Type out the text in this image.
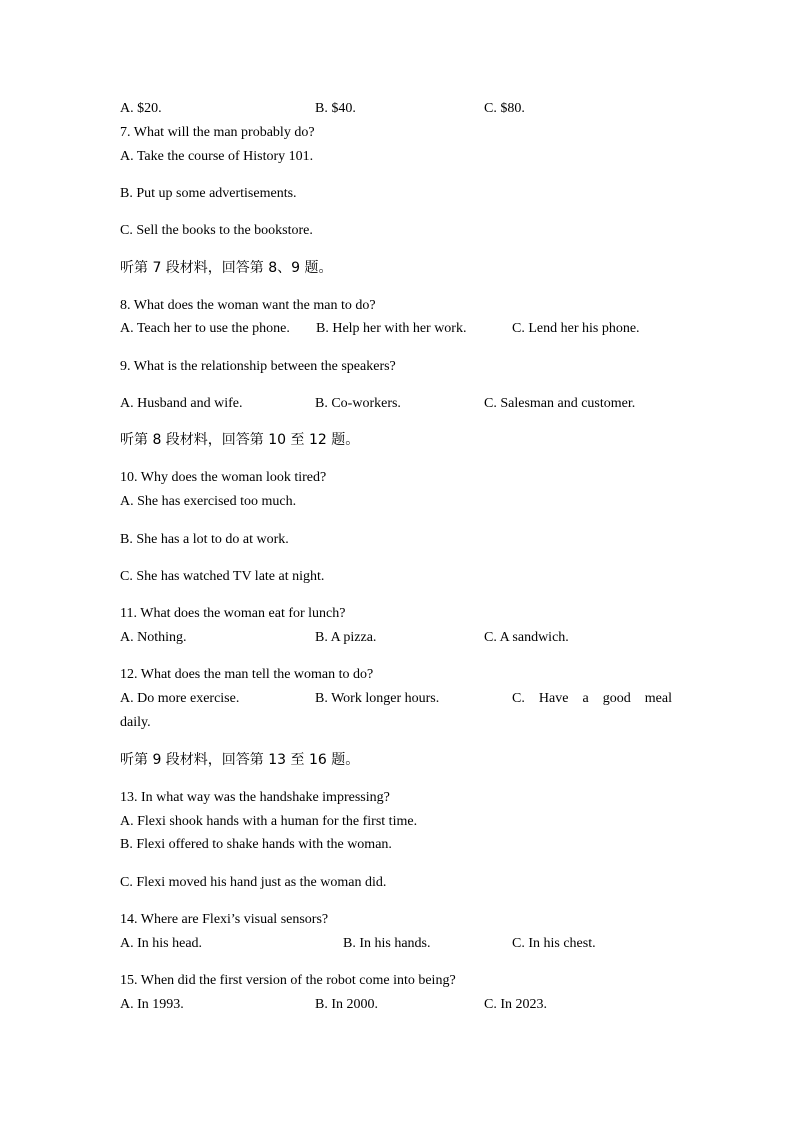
A. $20.	B. $40.	C. $80.
7. What will the man probably do?
A. Take the course of History 101.
B. Put up some advertisements.
C. Sell the books to the bookstore.
听第 7 段材料，回答第 8、9 题。
8. What does the woman want the man to do?
A. Teach her to use the phone. B. Help her with her work.	C. Lend her his phone.
9. What is the relationship between the speakers?
A. Husband and wife.	B. Co-workers.	C. Salesman and customer.
听第 8 段材料，回答第 10 至 12 题。
10. Why does the woman look tired?
A. She has exercised too much.
B. She has a lot to do at work.
C. She has watched TV late at night.
11. What does the woman eat for lunch?
A. Nothing.	B. A pizza.	C. A sandwich.
12. What does the man tell the woman to do?
A. Do more exercise.	B. Work longer hours.	C. Have a good meal
daily.
听第 9 段材料，回答第 13 至 16 题。
13. In what way was the handshake impressing?
A. Flexi shook hands with a human for the first time.
B. Flexi offered to shake hands with the woman.
C. Flexi moved his hand just as the woman did.
14. Where are Flexi’s visual sensors?
A. In his head.	B. In his hands.	C. In his chest.
15. When did the first version of the robot come into being?
A. In 1993.	B. In 2000.	C. In 2023.
